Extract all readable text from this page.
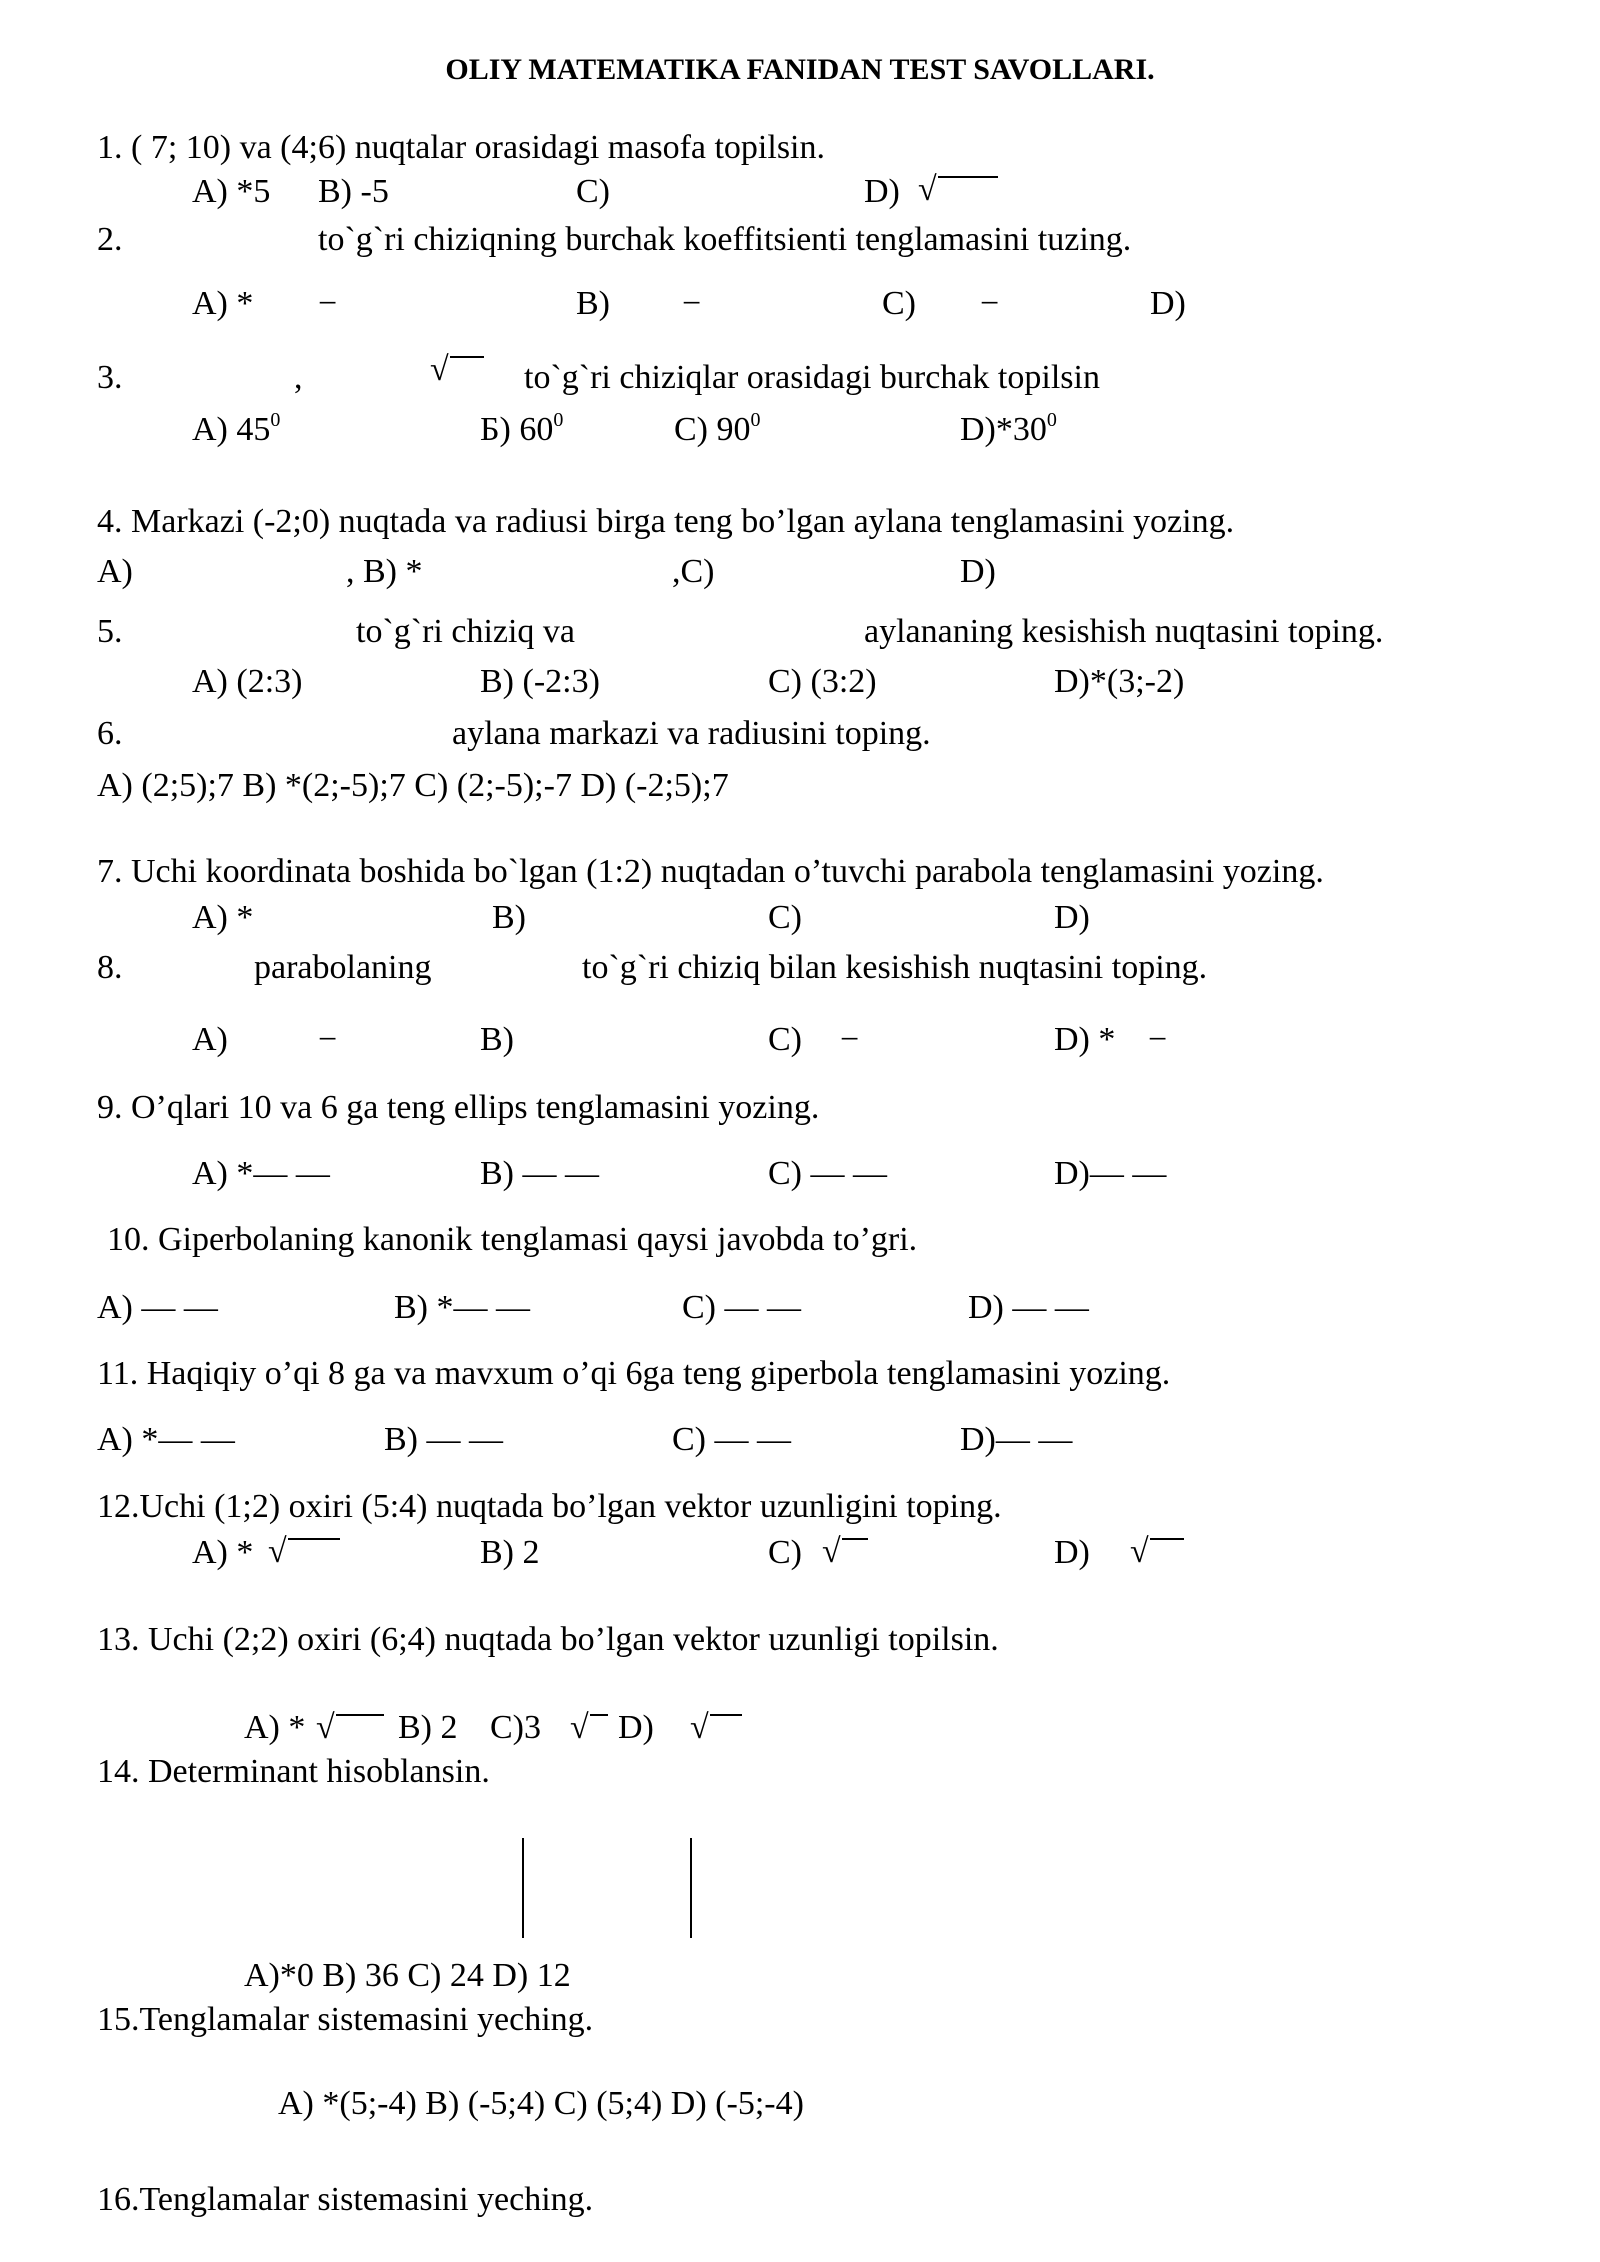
OLIY MATEMATIKA FANIDAN TEST SAVOLLARI.
1. ( 7; 10) va (4;6) nuqtalar orasidagi masofa topilsin.
A) *5 B) -5	C)	D)
2.	to`g`ri chiziqning burchak koeffitsienti tenglamasini tuzing.
A) * −	B) −	C) −	D)
3.	,	to`g`ri chiziqlar orasidagi burchak topilsin
A) $45^0$	Б) $60^0$	C) $90^0$	$D)*30^0$
4. Markazi (-2;0) nuqtada va radiusi birga teng bo’lgan aylana tenglamasini yozing.
A)	, B) *	,C)	D)
5.	to`g`ri chiziq va	aylananing kesishish nuqtasini toping.
A) (2:3)	B) (-2:3)	C) (3:2)	D)*(3;-2)
6.	aylana markazi va radiusini toping.
A) (2;5);7 B) *(2;-5);7 C) (2;-5);-7 D) (-2;5);7
7. Uchi koordinata boshida bo`lgan (1:2) nuqtadan o’tuvchi parabola tenglamasini yozing.
A) *	B)	C)	D)
8.	parabolaning	to`g`ri chiziq bilan kesishish nuqtasini toping.
A)	−	B)	C) −	D) * −
9. O’qlari 10 va 6 ga teng ellips tenglamasini yozing.
A) *— —	B) — —	C) — —	D)— —
10. Giperbolaning kanonik tenglamasi qaysi javobda to’gri.
A) — —	B) *— —	C) — —	D) — —
11. Haqiqiy o’qi 8 ga va mavxum o’qi 6ga teng giperbola tenglamasini yozing.
A) *— —	B) — —	C) — —	D)— —
12.Uchi (1;2) oxiri (5:4) nuqtada bo’lgan vektor uzunligini toping.
A) *	B) 2	C)	D)
13. Uchi (2;2) oxiri (6;4) nuqtada bo’lgan vektor uzunligi topilsin.
A) *	B) 2 C)3 D)
14. Determinant hisoblansin.
A)*0 B) 36 C) 24 D) 12
15.Tenglamalar sistemasini yeching.
A) *(5;-4) B) (-5;4) C) (5;4) D) (-5;-4)
16.Tenglamalar sistemasini yeching.
√
√
√	√	√
√	√	√
